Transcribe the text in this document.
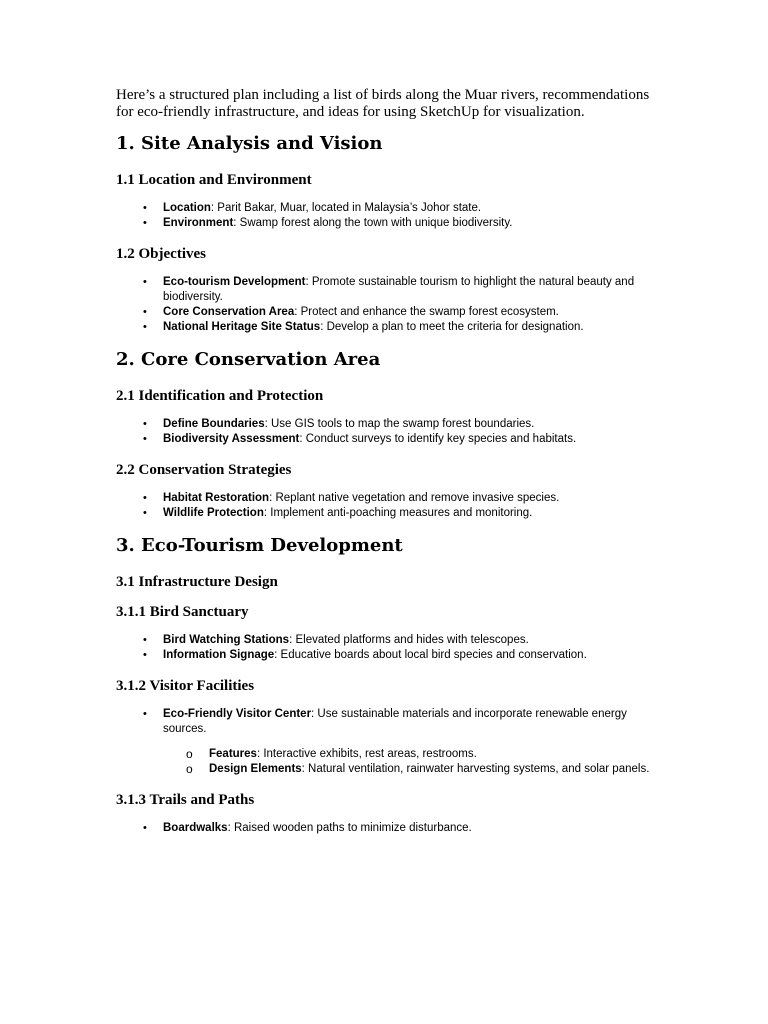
Here’s a structured plan including a list of birds along the Muar rivers, recommendations for eco-friendly infrastructure, and ideas for using SketchUp for visualization.

1. Site Analysis and Vision
1.1 Location and Environment
• Location: Parit Bakar, Muar, located in Malaysia’s Johor state.
• Environment: Swamp forest along the town with unique biodiversity.
1.2 Objectives
• Eco-tourism Development: Promote sustainable tourism to highlight the natural beauty and biodiversity.
• Core Conservation Area: Protect and enhance the swamp forest ecosystem.
• National Heritage Site Status: Develop a plan to meet the criteria for designation.
2. Core Conservation Area
2.1 Identification and Protection
• Define Boundaries: Use GIS tools to map the swamp forest boundaries.
• Biodiversity Assessment: Conduct surveys to identify key species and habitats.
2.2 Conservation Strategies
• Habitat Restoration: Replant native vegetation and remove invasive species.
• Wildlife Protection: Implement anti-poaching measures and monitoring.
3. Eco-Tourism Development
3.1 Infrastructure Design
3.1.1 Bird Sanctuary
• Bird Watching Stations: Elevated platforms and hides with telescopes.
• Information Signage: Educative boards about local bird species and conservation.
3.1.2 Visitor Facilities
• Eco-Friendly Visitor Center: Use sustainable materials and incorporate renewable energy sources.
o Features: Interactive exhibits, rest areas, restrooms.
o Design Elements: Natural ventilation, rainwater harvesting systems, and solar panels.
3.1.3 Trails and Paths
• Boardwalks: Raised wooden paths to minimize disturbance.
